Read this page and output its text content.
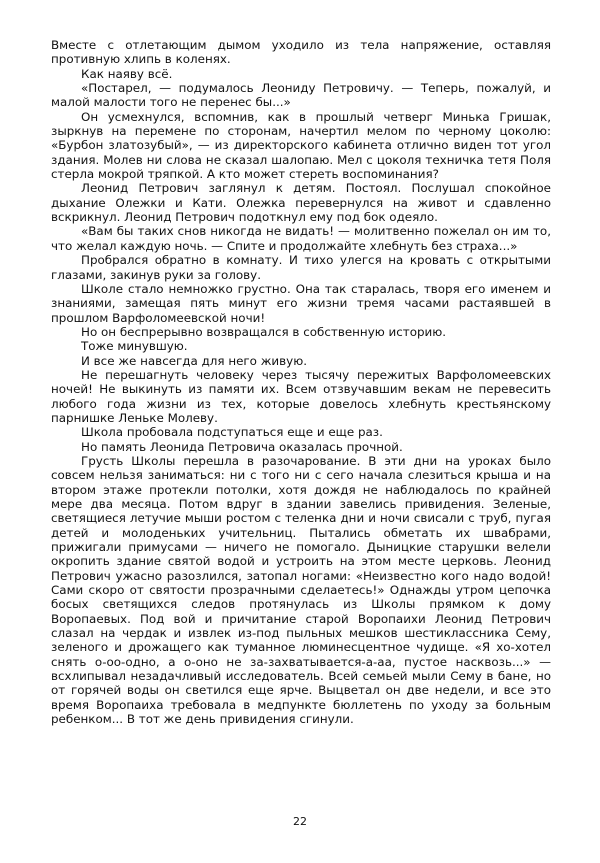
Вместе с отлетающим дымом уходило из тела напряжение, оставляя противную хлипь в коленях.

Как наяву всё.

«Постарел, — подумалось Леониду Петровичу. — Теперь, пожалуй, и малой малости того не перенес бы...»

Он усмехнулся, вспомнив, как в прошлый четверг Минька Гришак, зыркнув на перемене по сторонам, начертил мелом по черному цоколю: «Бурбон златозубый», — из директорского кабинета отлично виден тот угол здания. Молев ни слова не сказал шалопаю. Мел с цоколя техничка тетя Поля стерла мокрой тряпкой. А кто может стереть воспоминания?

Леонид Петрович заглянул к детям. Постоял. Послушал спокойное дыхание Олежки и Кати. Олежка перевернулся на живот и сдавленно вскрикнул. Леонид Петрович подоткнул ему под бок одеяло.

«Вам бы таких снов никогда не видать! — молитвенно пожелал он им то, что желал каждую ночь. — Спите и продолжайте хлебнуть без страха...»

Пробрался обратно в комнату. И тихо улегся на кровать с открытыми глазами, закинув руки за голову.

Школе стало немножко грустно. Она так старалась, творя его именем и знаниями, замещая пять минут его жизни тремя часами растаявшей в прошлом Варфоломеевской ночи!

Но он беспрерывно возвращался в собственную историю.

Тоже минувшую.

И все же навсегда для него живую.

Не перешагнуть человеку через тысячу пережитых Варфоломеевских ночей! Не выкинуть из памяти их. Всем отзвучавшим векам не перевесить любого года жизни из тех, которые довелось хлебнуть крестьянскому парнишке Леньке Молеву.

Школа пробовала подступаться еще и еще раз.

Но память Леонида Петровича оказалась прочной.

Грусть Школы перешла в разочарование. В эти дни на уроках было совсем нельзя заниматься: ни с того ни с сего начала слезиться крыша и на втором этаже протекли потолки, хотя дождя не наблюдалось по крайней мере два месяца. Потом вдруг в здании завелись привидения. Зеленые, светящиеся летучие мыши ростом с теленка дни и ночи свисали с труб, пугая детей и молоденьких учительниц. Пытались обметать их швабрами, прижигали примусами — ничего не помогало. Дыницкие старушки велели окропить здание святой водой и устроить на этом месте церковь. Леонид Петрович ужасно разозлился, затопал ногами: «Неизвестно кого надо водой! Сами скоро от святости прозрачными сделаетесь!» Однажды утром цепочка босых светящихся следов протянулась из Школы прямком к дому Воропаевых. Под вой и причитание старой Воропаихи Леонид Петрович слазал на чердак и извлек из-под пыльных мешков шестиклассника Сему, зеленого и дрожащего как туманное люминесцентное чудище. «Я хо-хотел снять о-оо-одно, а о-оно не за-захватывается-а-аа, пустое насквозь...» — всхлипывал незадачливый исследователь. Всей семьей мыли Сему в бане, но от горячей воды он светился еще ярче. Выцветал он две недели, и все это время Воропаиха требовала в медпункте бюллетень по уходу за больным ребенком... В тот же день привидения сгинули.

22
